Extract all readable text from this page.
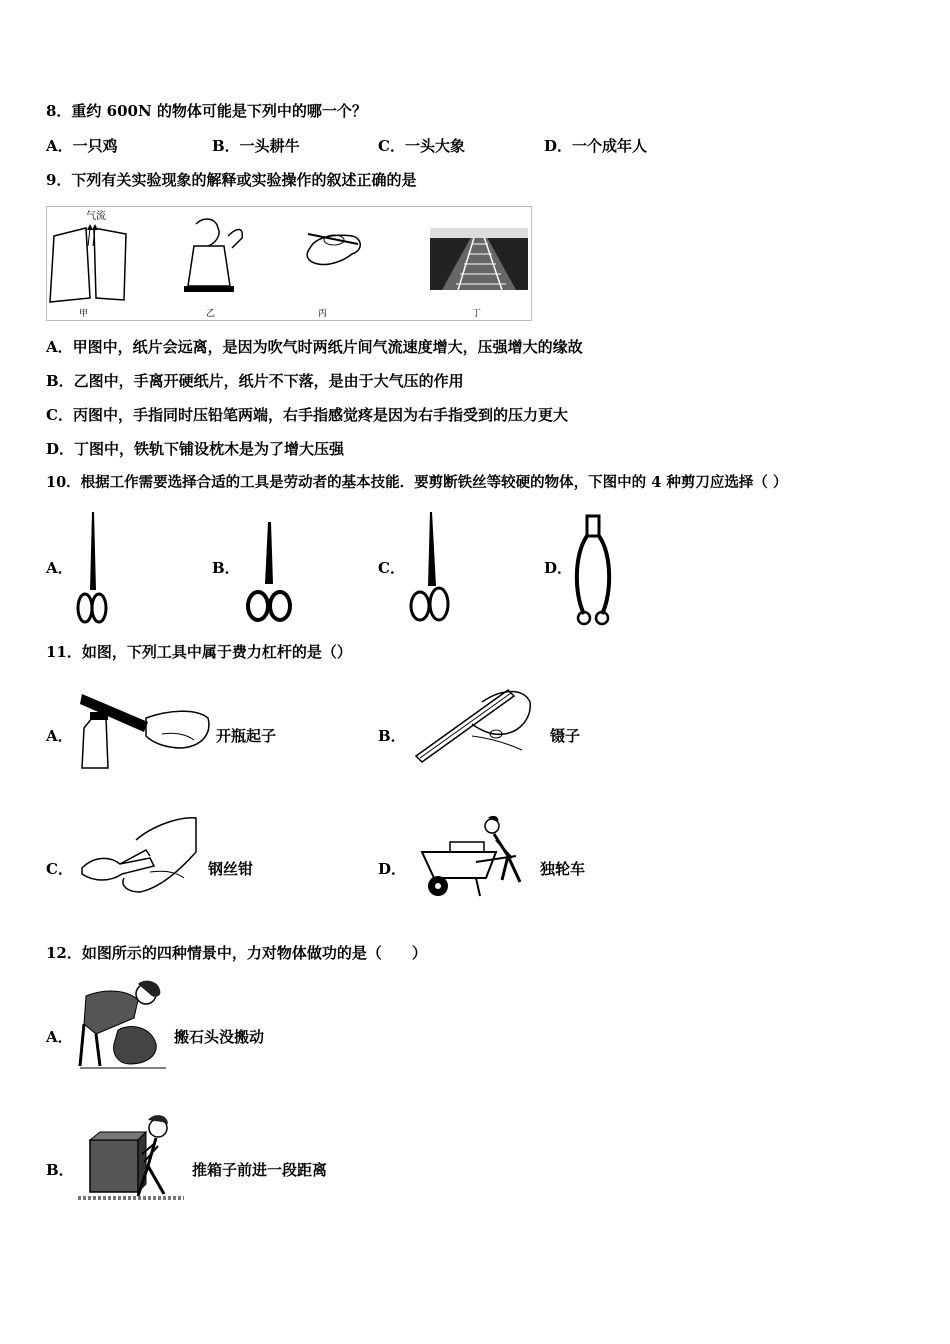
8．重约 600N 的物体可能是下列中的哪一个？
A．一只鸡	B．一头耕牛	C．一头大象	D．一个成年人
9．下列有关实验现象的解释或实验操作的叙述正确的是
气流
甲	乙	丙	丁
A．甲图中，纸片会远离，是因为吹气时两纸片间气流速度增大，压强增大的缘故
B．乙图中，手离开硬纸片，纸片不下落，是由于大气压的作用
C．丙图中，手指同时压铅笔两端，右手指感觉疼是因为右手指受到的压力更大
D．丁图中，铁轨下铺设枕木是为了增大压强
10．根据工作需要选择合适的工具是劳动者的基本技能．要剪断铁丝等较硬的物体，下图中的 4 种剪刀应选择（ ）
A．	B．	C．	D．
11．如图，下列工具中属于费力杠杆的是（）
A．	开瓶起子	B．	镊子
C．	钢丝钳	D．	独轮车
12．如图所示的四种情景中，力对物体做功的是（　　）
A．	搬石头没搬动
B．	推箱子前进一段距离
